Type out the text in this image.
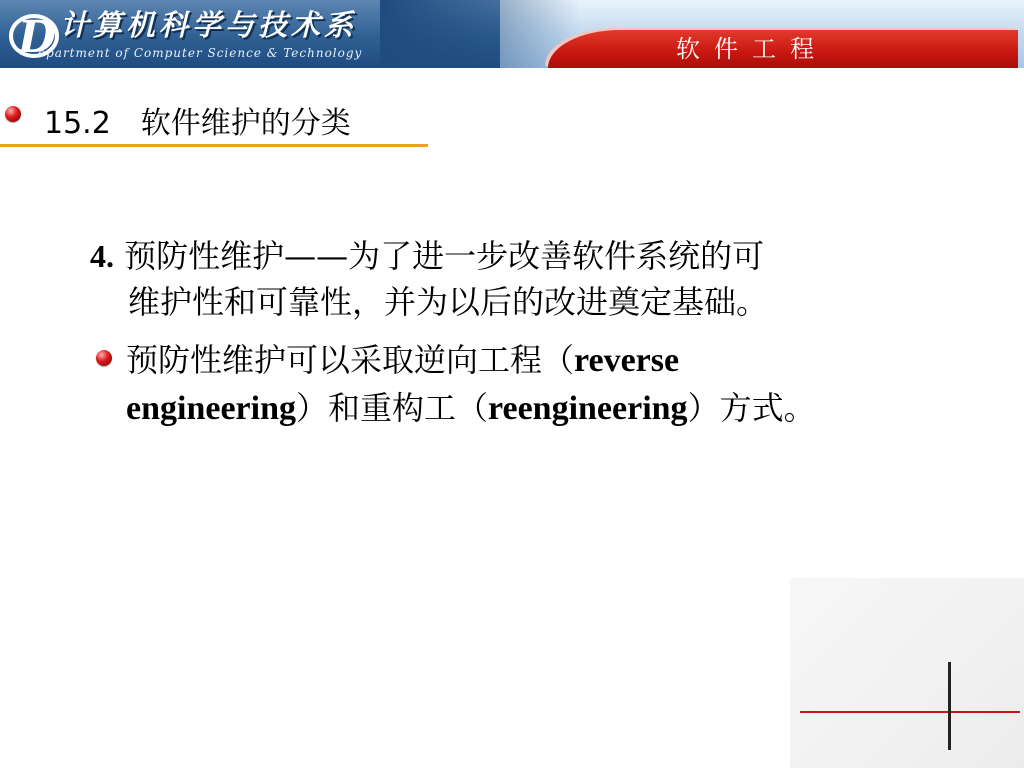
D 计算机科学与技术系
epartment of Computer Science & Technology	软件工程
15.2　软件维护的分类
4. 预防性维护——为了进一步改善软件系统的可
维护性和可靠性，并为以后的改进奠定基础。
预防性维护可以采取逆向工程（reverse
engineering）和重构工（reengineering）方式。
